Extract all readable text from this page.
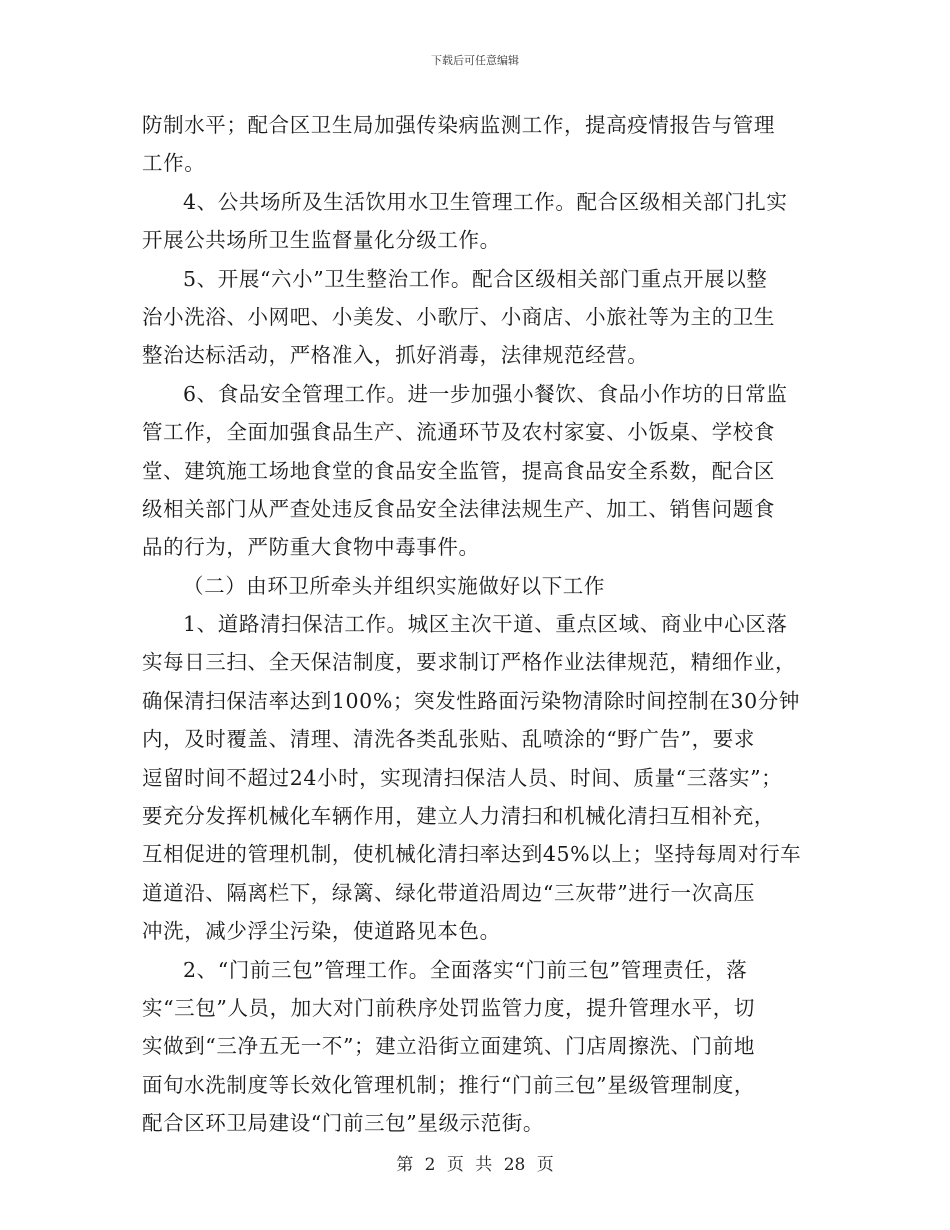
下载后可任意编辑
防制水平；配合区卫生局加强传染病监测工作，提高疫情报告与管理
工作。
4、公共场所及生活饮用水卫生管理工作。配合区级相关部门扎实
开展公共场所卫生监督量化分级工作。
5、开展“六小”卫生整治工作。配合区级相关部门重点开展以整
治小洗浴、小网吧、小美发、小歌厅、小商店、小旅社等为主的卫生
整治达标活动，严格准入，抓好消毒，法律规范经营。
6、食品安全管理工作。进一步加强小餐饮、食品小作坊的日常监
管工作，全面加强食品生产、流通环节及农村家宴、小饭桌、学校食
堂、建筑施工场地食堂的食品安全监管，提高食品安全系数，配合区
级相关部门从严查处违反食品安全法律法规生产、加工、销售问题食
品的行为，严防重大食物中毒事件。
（二）由环卫所牵头并组织实施做好以下工作
1、道路清扫保洁工作。城区主次干道、重点区域、商业中心区落
实每日三扫、全天保洁制度，要求制订严格作业法律规范，精细作业，
确保清扫保洁率达到100%；突发性路面污染物清除时间控制在30分钟
内，及时覆盖、清理、清洗各类乱张贴、乱喷涂的“野广告”，要求
逗留时间不超过24小时，实现清扫保洁人员、时间、质量“三落实”；
要充分发挥机械化车辆作用，建立人力清扫和机械化清扫互相补充，
互相促进的管理机制，使机械化清扫率达到45%以上；坚持每周对行车
道道沿、隔离栏下，绿篱、绿化带道沿周边“三灰带”进行一次高压
冲洗，减少浮尘污染，使道路见本色。
2、“门前三包”管理工作。全面落实“门前三包”管理责任，落
实“三包”人员，加大对门前秩序处罚监管力度，提升管理水平，切
实做到“三净五无一不”；建立沿街立面建筑、门店周擦洗、门前地
面旬水洗制度等长效化管理机制；推行“门前三包”星级管理制度，
配合区环卫局建设“门前三包”星级示范街。
第 2 页 共 28 页
